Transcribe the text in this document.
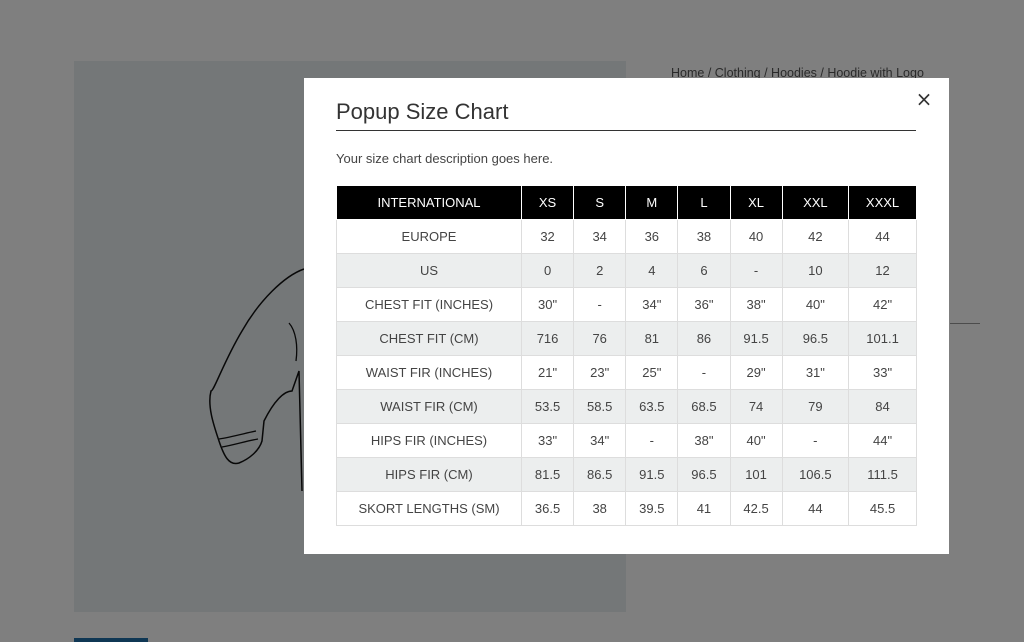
×
Popup Size Chart

Your size chart description goes here.

INTERNATIONAL	XS	S	M	L	XL	XXL	XXXL
EUROPE	32	34	36	38	40	42	44
US	0	2	4	6	-	10	12
CHEST FIT (INCHES)	30"	-	34"	36"	38"	40"	42"
CHEST FIT (CM)	716	76	81	86	91.5	96.5	101.1
WAIST FIR (INCHES)	21"	23"	25"	-	29"	31"	33"
WAIST FIR (CM)	53.5	58.5	63.5	68.5	74	79	84
HIPS FIR (INCHES)	33"	34"	-	38"	40"	-	44"
HIPS FIR (CM)	81.5	86.5	91.5	96.5	101	106.5	111.5
SKORT LENGTHS (SM)	36.5	38	39.5	41	42.5	44	45.5
